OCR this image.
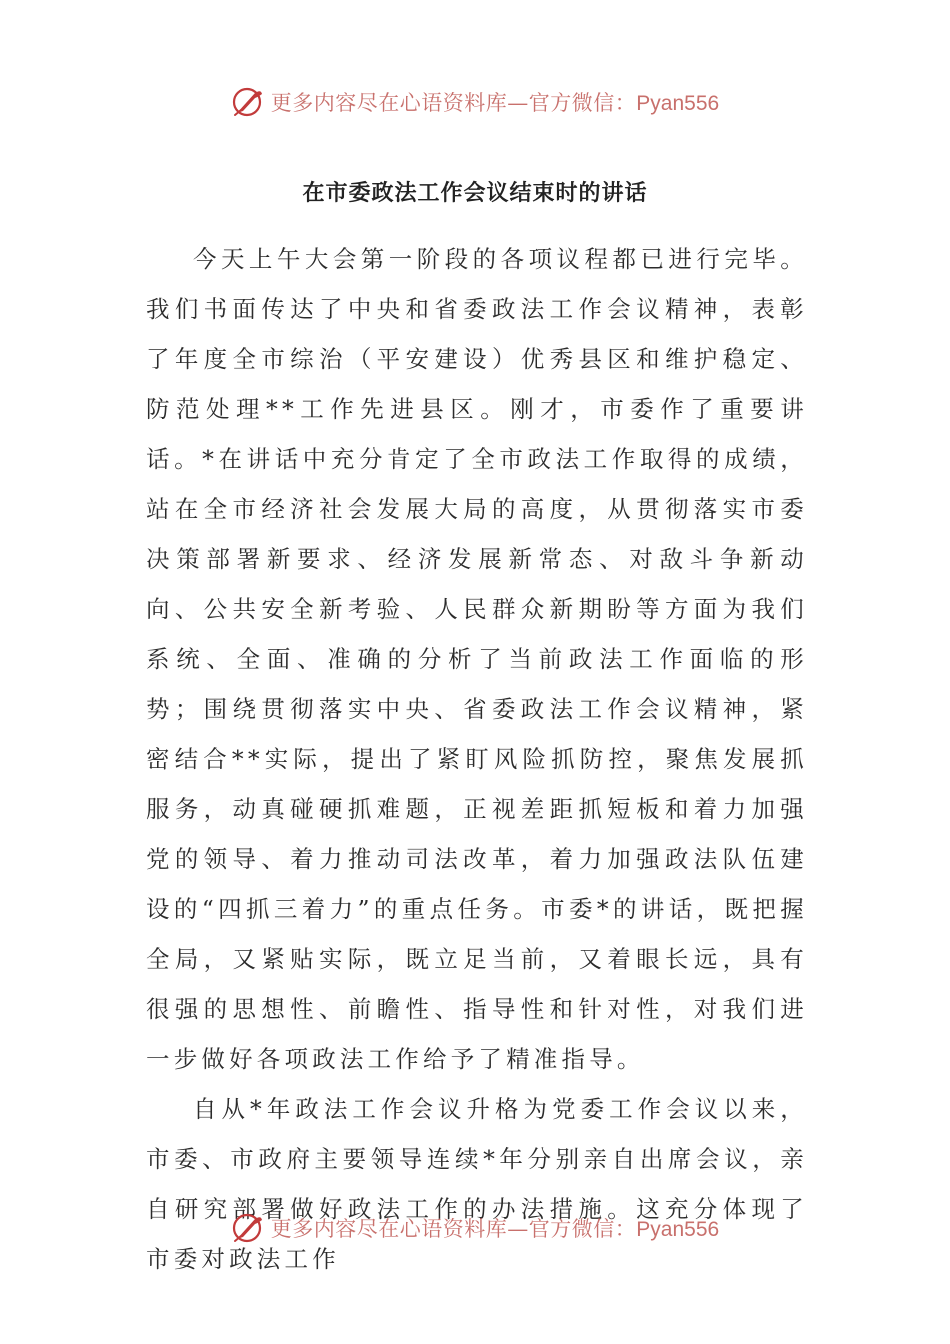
更多内容尽在心语资料库—官方微信：Pyan556
在市委政法工作会议结束时的讲话

今天上午大会第一阶段的各项议程都已进行完毕。我们书面传达了中央和省委政法工作会议精神，表彰了年度全市综治（平安建设）优秀县区和维护稳定、防范处理**工作先进县区。刚才，市委作了重要讲话。*在讲话中充分肯定了全市政法工作取得的成绩，站在全市经济社会发展大局的高度，从贯彻落实市委决策部署新要求、经济发展新常态、对敌斗争新动向、公共安全新考验、人民群众新期盼等方面为我们系统、全面、准确的分析了当前政法工作面临的形势；围绕贯彻落实中央、省委政法工作会议精神，紧密结合**实际，提出了紧盯风险抓防控，聚焦发展抓服务，动真碰硬抓难题，正视差距抓短板和着力加强党的领导、着力推动司法改革，着力加强政法队伍建设的“四抓三着力”的重点任务。市委*的讲话，既把握全局，又紧贴实际，既立足当前，又着眼长远，具有很强的思想性、前瞻性、指导性和针对性，对我们进一步做好各项政法工作给予了精准指导。

自从*年政法工作会议升格为党委工作会议以来，市委、市政府主要领导连续*年分别亲自出席会议，亲自研究部署做好政法工作的办法措施。这充分体现了市委对政法工作

更多内容尽在心语资料库—官方微信：Pyan556
